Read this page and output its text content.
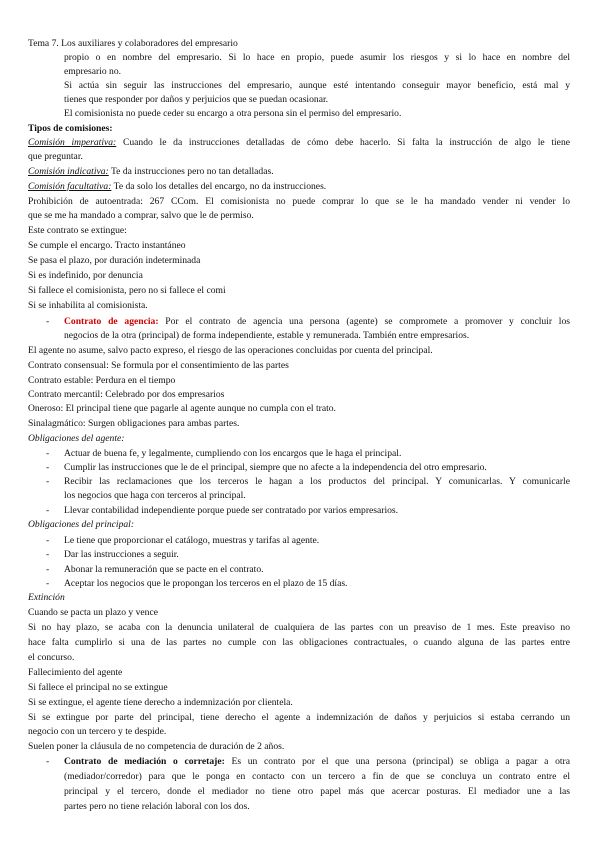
Tema 7. Los auxiliares y colaboradores del empresario
propio o en nombre del empresario. Si lo hace en propio, puede asumir los riesgos y si lo hace en nombre del
empresario no.
Si actúa sin seguir las instrucciones del empresario, aunque esté intentando conseguir mayor beneficio, está mal y
tienes que responder por daños y perjuicios que se puedan ocasionar.
El comisionista no puede ceder su encargo a otra persona sin el permiso del empresario.
Tipos de comisiones:
Comisión imperativa: Cuando le da instrucciones detalladas de cómo debe hacerlo. Si falta la instrucción de algo le tiene
que preguntar.
Comisión indicativa: Te da instrucciones pero no tan detalladas.
Comisión facultativa: Te da solo los detalles del encargo, no da instrucciones.
Prohibición de autoentrada: 267 CCom. El comisionista no puede comprar lo que se le ha mandado vender ni vender lo
que se me ha mandado a comprar, salvo que le de permiso.
Este contrato se extingue:
Se cumple el encargo. Tracto instantáneo
Se pasa el plazo, por duración indeterminada
Si es indefinido, por denuncia
Si fallece el comisionista, pero no si fallece el comi
Si se inhabilita al comisionista.
- Contrato de agencia: Por el contrato de agencia una persona (agente) se compromete a promover y concluir los
negocios de la otra (principal) de forma independiente, estable y remunerada. También entre empresarios.
El agente no asume, salvo pacto expreso, el riesgo de las operaciones concluidas por cuenta del principal.
Contrato consensual: Se formula por el consentimiento de las partes
Contrato estable: Perdura en el tiempo
Contrato mercantil: Celebrado por dos empresarios
Oneroso: El principal tiene que pagarle al agente aunque no cumpla con el trato.
Sinalagmático: Surgen obligaciones para ambas partes.
Obligaciones del agente:
- Actuar de buena fe, y legalmente, cumpliendo con los encargos que le haga el principal.
- Cumplir las instrucciones que le de el principal, siempre que no afecte a la independencia del otro empresario.
- Recibir las reclamaciones que los terceros le hagan a los productos del principal. Y comunicarlas. Y comunicarle
los negocios que haga con terceros al principal.
- Llevar contabilidad independiente porque puede ser contratado por varios empresarios.
Obligaciones del principal:
- Le tiene que proporcionar el catálogo, muestras y tarifas al agente.
- Dar las instrucciones a seguir.
- Abonar la remuneración que se pacte en el contrato.
- Aceptar los negocios que le propongan los terceros en el plazo de 15 días.
Extinción
Cuando se pacta un plazo y vence
Si no hay plazo, se acaba con la denuncia unilateral de cualquiera de las partes con un preaviso de 1 mes. Este preaviso no
hace falta cumplirlo si una de las partes no cumple con las obligaciones contractuales, o cuando alguna de las partes entre
el concurso.
Fallecimiento del agente
Si fallece el principal no se extingue
Si se extingue, el agente tiene derecho a indemnización por clientela.
Si se extingue por parte del principal, tiene derecho el agente a indemnización de daños y perjuicios si estaba cerrando un
negocio con un tercero y te despide.
Suelen poner la cláusula de no competencia de duración de 2 años.
- Contrato de mediación o corretaje: Es un contrato por el que una persona (principal) se obliga a pagar a otra
(mediador/corredor) para que le ponga en contacto con un tercero a fin de que se concluya un contrato entre el
principal y el tercero, donde el mediador no tiene otro papel más que acercar posturas. El mediador une a las
partes pero no tiene relación laboral con los dos.
